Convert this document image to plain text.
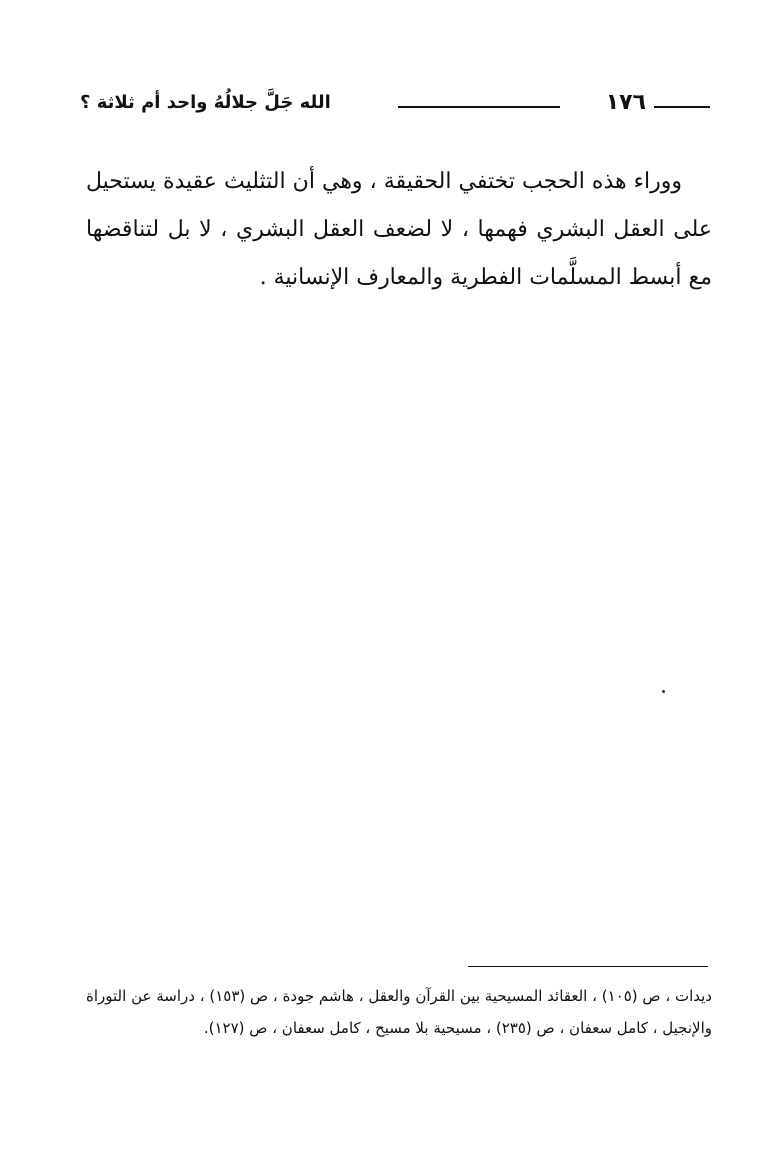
١٧٦
الله جَلَّ جلالُهُ واحد أم ثلاثة ؟

ووراء هذه الحجب تختفي الحقيقة ، وهي أن التثليث عقيدة يستحيل على العقل البشري فهمها ، لا لضعف العقل البشري ، لا بل لتناقضها مع أبسط المسلَّمات الفطرية والمعارف الإنسانية .

ديدات ، ص (١٠٥) ، العقائد المسيحية بين القرآن والعقل ، هاشم جودة ، ص (١٥٣) ، دراسة عن التوراة والإنجيل ، كامل سعفان ، ص (٢٣٥) ، مسيحية بلا مسيح ، كامل سعفان ، ص (١٢٧).
